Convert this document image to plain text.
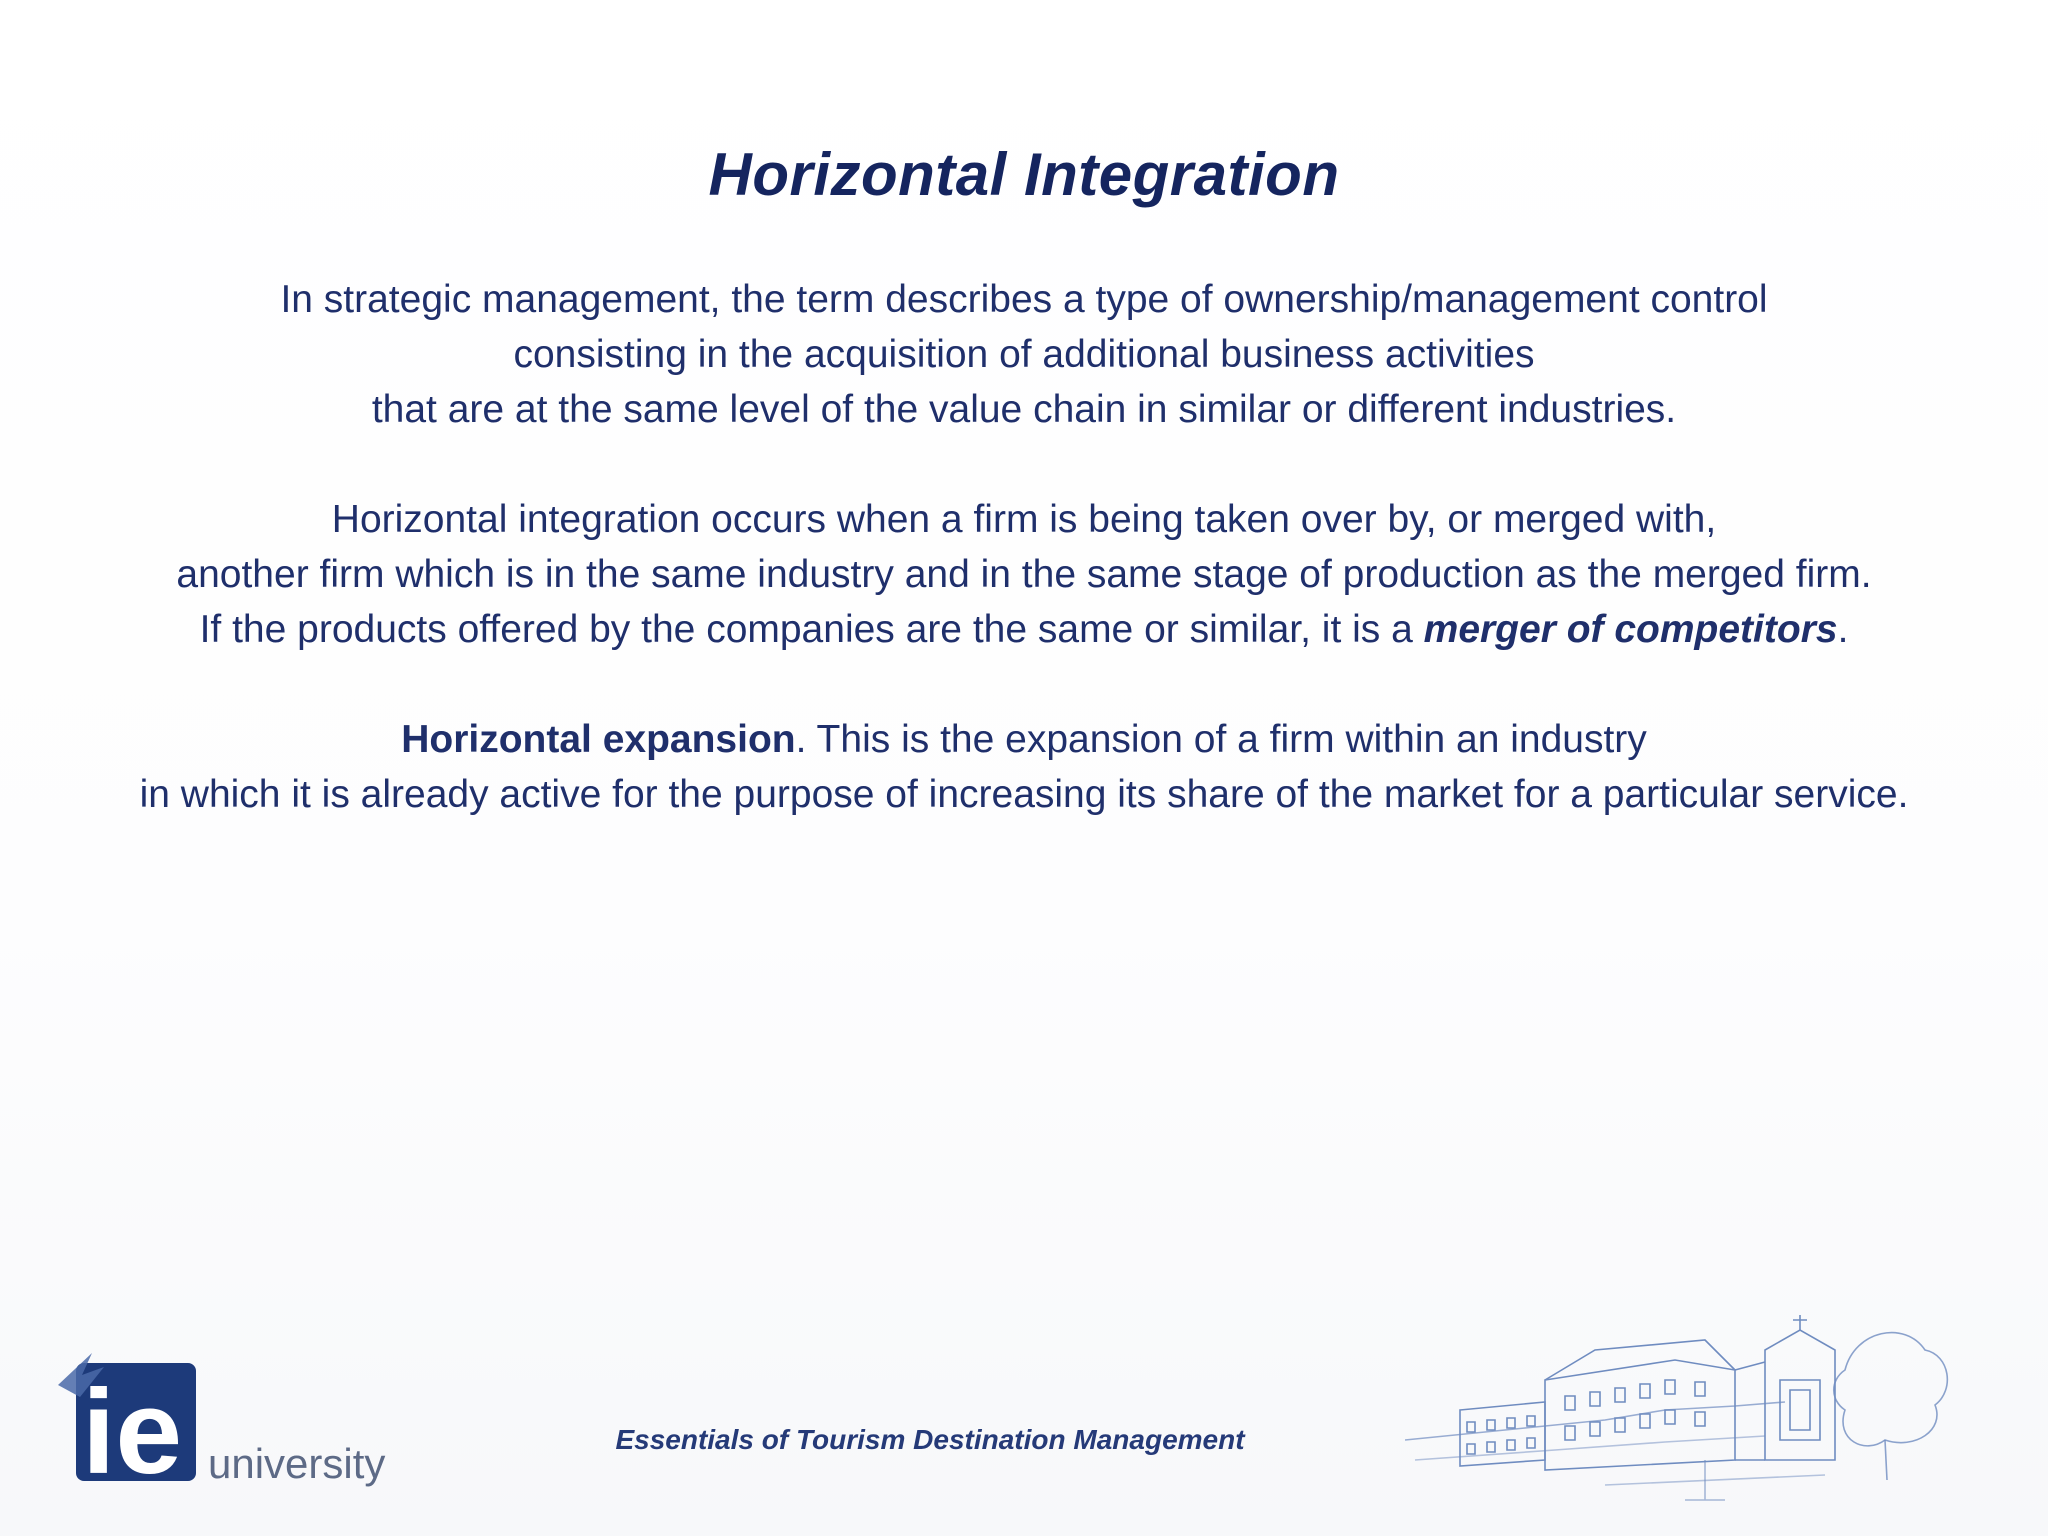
Horizontal Integration

In strategic management, the term describes a type of ownership/management control
consisting in the acquisition of additional business activities
that are at the same level of the value chain in similar or different industries.

Horizontal integration occurs when a firm is being taken over by, or merged with,
another firm which is in the same industry and in the same stage of production as the merged firm.
If the products offered by the companies are the same or similar, it is a merger of competitors.

Horizontal expansion. This is the expansion of a firm within an industry
in which it is already active for the purpose of increasing its share of the market for a particular service.

ie university
Essentials of Tourism Destination Management
